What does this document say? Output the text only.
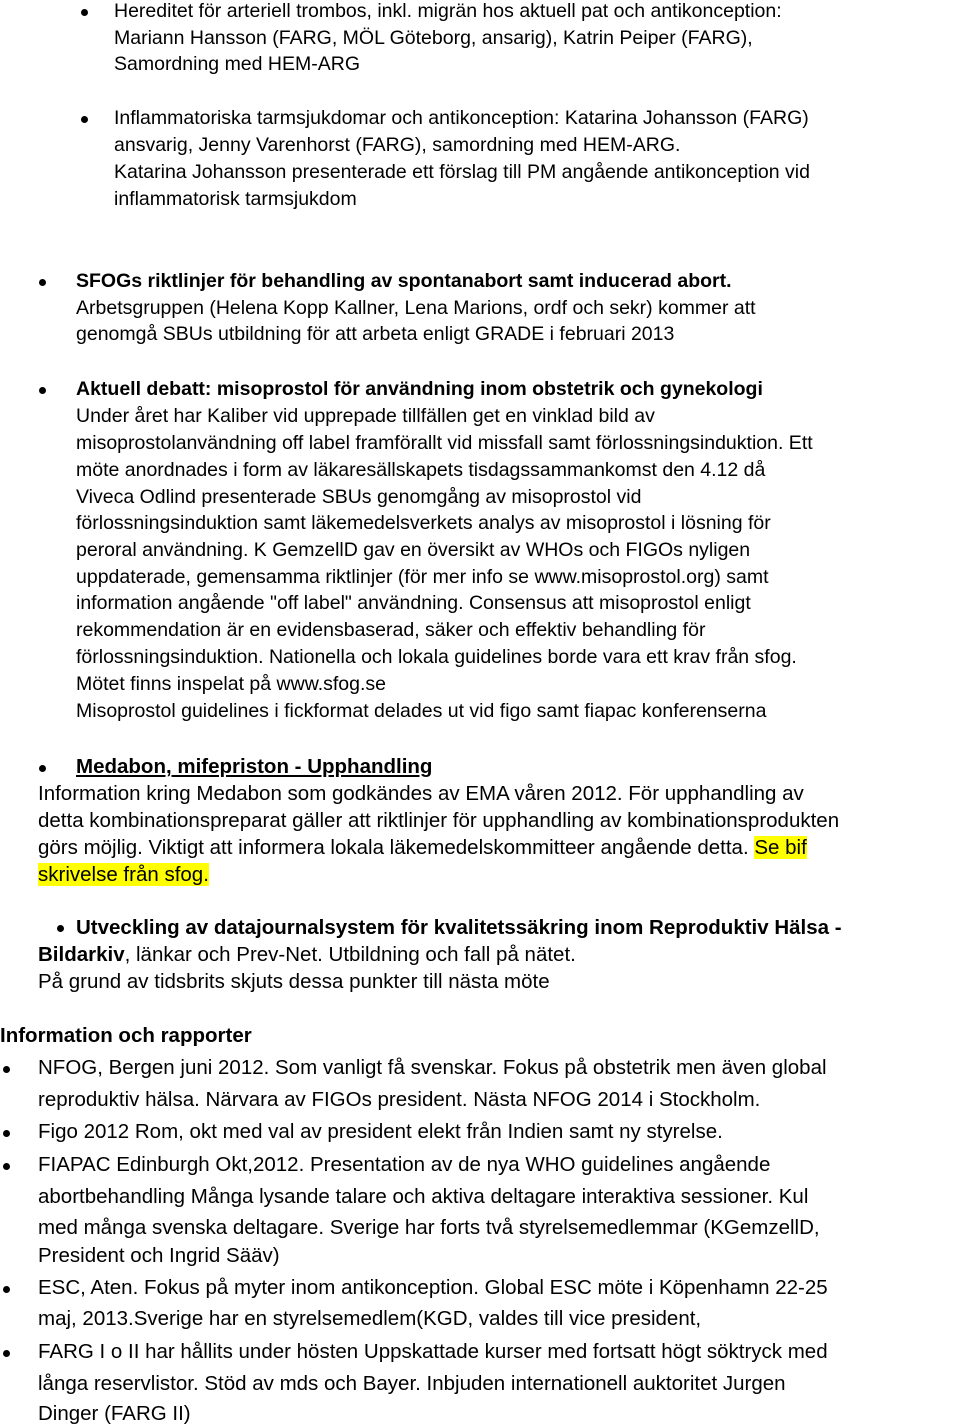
Hereditet för arteriell trombos, inkl. migrän hos aktuell pat och antikonception:
Mariann Hansson (FARG, MÖL Göteborg, ansarig), Katrin Peiper (FARG),
Samordning med HEM-ARG
Inflammatoriska tarmsjukdomar och antikonception: Katarina Johansson (FARG)
ansvarig, Jenny Varenhorst (FARG), samordning med HEM-ARG.
Katarina Johansson presenterade ett förslag till PM angående antikonception vid
inflammatorisk tarmsjukdom
SFOGs riktlinjer för behandling av spontanabort samt inducerad abort.
Arbetsgruppen (Helena Kopp Kallner, Lena Marions, ordf och sekr) kommer att
genomgå SBUs utbildning för att arbeta enligt GRADE i februari 2013
Aktuell debatt: misoprostol för användning inom obstetrik och gynekologi
Under året har Kaliber vid upprepade tillfällen get en vinklad bild av
misoprostolanvändning off label framförallt vid missfall samt förlossningsinduktion. Ett
möte anordnades i form av läkaresällskapets tisdagssammankomst den 4.12 då
Viveca Odlind presenterade SBUs genomgång av misoprostol vid
förlossningsinduktion samt läkemedelsverkets analys av misoprostol i lösning för
peroral användning. K GemzellD gav en översikt av WHOs och FIGOs nyligen
uppdaterade, gemensamma riktlinjer (för mer info se www.misoprostol.org) samt
information angående "off label" användning. Consensus att misoprostol enligt
rekommendation är en evidensbaserad, säker och effektiv behandling för
förlossningsinduktion. Nationella och lokala guidelines borde vara ett krav från sfog.
Mötet finns inspelat på www.sfog.se
Misoprostol guidelines i fickformat delades ut vid figo samt fiapac konferenserna
Medabon, mifepriston - Upphandling
Information kring Medabon som godkändes av EMA våren 2012. För upphandling av
detta kombinationspreparat gäller att riktlinjer för upphandling av kombinationsprodukten
görs möjlig. Viktigt att informera lokala läkemedelskommitteer angående detta. Se bif
skrivelse från sfog.
Utveckling av datajournalsystem för kvalitetssäkring inom Reproduktiv Hälsa -
Bildarkiv, länkar och Prev-Net. Utbildning och fall på nätet.
På grund av tidsbrits skjuts dessa punkter till nästa möte
Information och rapporter
NFOG, Bergen juni 2012. Som vanligt få svenskar. Fokus på obstetrik men även global
reproduktiv hälsa. Närvara av FIGOs president. Nästa NFOG 2014 i Stockholm.
Figo 2012 Rom, okt med val av president elekt från Indien samt ny styrelse.
FIAPAC Edinburgh Okt,2012. Presentation av de nya WHO guidelines angående
abortbehandling Många lysande talare och aktiva deltagare interaktiva sessioner. Kul
med många svenska deltagare. Sverige har forts två styrelsemedlemmar (KGemzellD,
President och Ingrid Sääv)
ESC, Aten. Fokus på myter inom antikonception. Global ESC möte i Köpenhamn 22-25
maj, 2013.Sverige har en styrelsemedlem(KGD, valdes till vice president,
FARG I o II har hållits under hösten Uppskattade kurser med fortsatt högt söktryck med
långa reservlistor. Stöd av mds och Bayer. Inbjuden internationell auktoritet Jurgen
Dinger (FARG II)
